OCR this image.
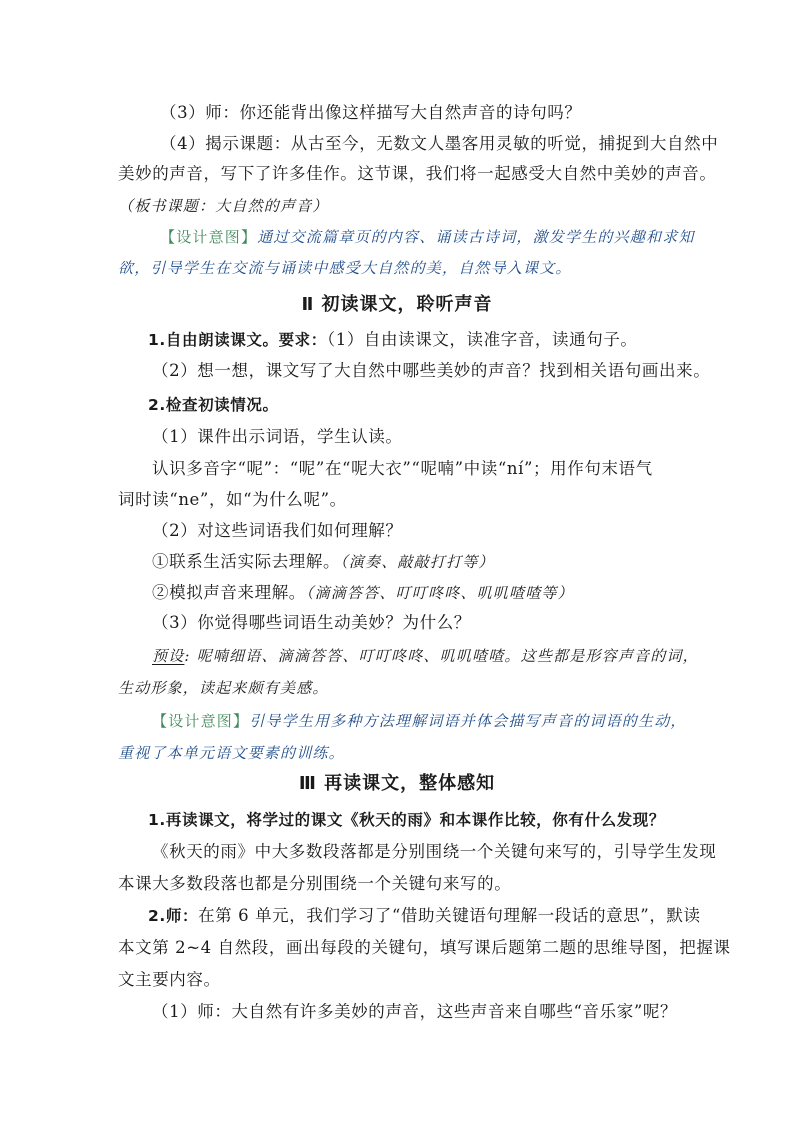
（3）师：你还能背出像这样描写大自然声音的诗句吗？
（4）揭示课题：从古至今，无数文人墨客用灵敏的听觉，捕捉到大自然中
美妙的声音，写下了许多佳作。这节课，我们将一起感受大自然中美妙的声音。
（板书课题：大自然的声音）
【设计意图】通过交流篇章页的内容、诵读古诗词，激发学生的兴趣和求知
欲，引导学生在交流与诵读中感受大自然的美，自然导入课文。
Ⅱ 初读课文，聆听声音
1.自由朗读课文。要求：（1）自由读课文，读准字音，读通句子。
（2）想一想，课文写了大自然中哪些美妙的声音？找到相关语句画出来。
2.检查初读情况。
（1）课件出示词语，学生认读。
认识多音字“呢”：“呢”在“呢大衣”“呢喃”中读“ní”；用作句末语气
词时读“ne”，如“为什么呢”。
（2）对这些词语我们如何理解？
①联系生活实际去理解。（演奏、敲敲打打等）
②模拟声音来理解。（滴滴答答、叮叮咚咚、叽叽喳喳等）
（3）你觉得哪些词语生动美妙？为什么？
预设: 呢喃细语、滴滴答答、叮叮咚咚、叽叽喳喳。这些都是形容声音的词，
生动形象，读起来颇有美感。
【设计意图】引导学生用多种方法理解词语并体会描写声音的词语的生动，
重视了本单元语文要素的训练。
Ⅲ 再读课文，整体感知
1.再读课文，将学过的课文《秋天的雨》和本课作比较，你有什么发现？
《秋天的雨》中大多数段落都是分别围绕一个关键句来写的，引导学生发现
本课大多数段落也都是分别围绕一个关键句来写的。
2.师：在第 6 单元，我们学习了“借助关键语句理解一段话的意思”，默读
本文第 2~4 自然段，画出每段的关键句，填写课后题第二题的思维导图，把握课
文主要内容。
（1）师：大自然有许多美妙的声音，这些声音来自哪些“音乐家”呢？
